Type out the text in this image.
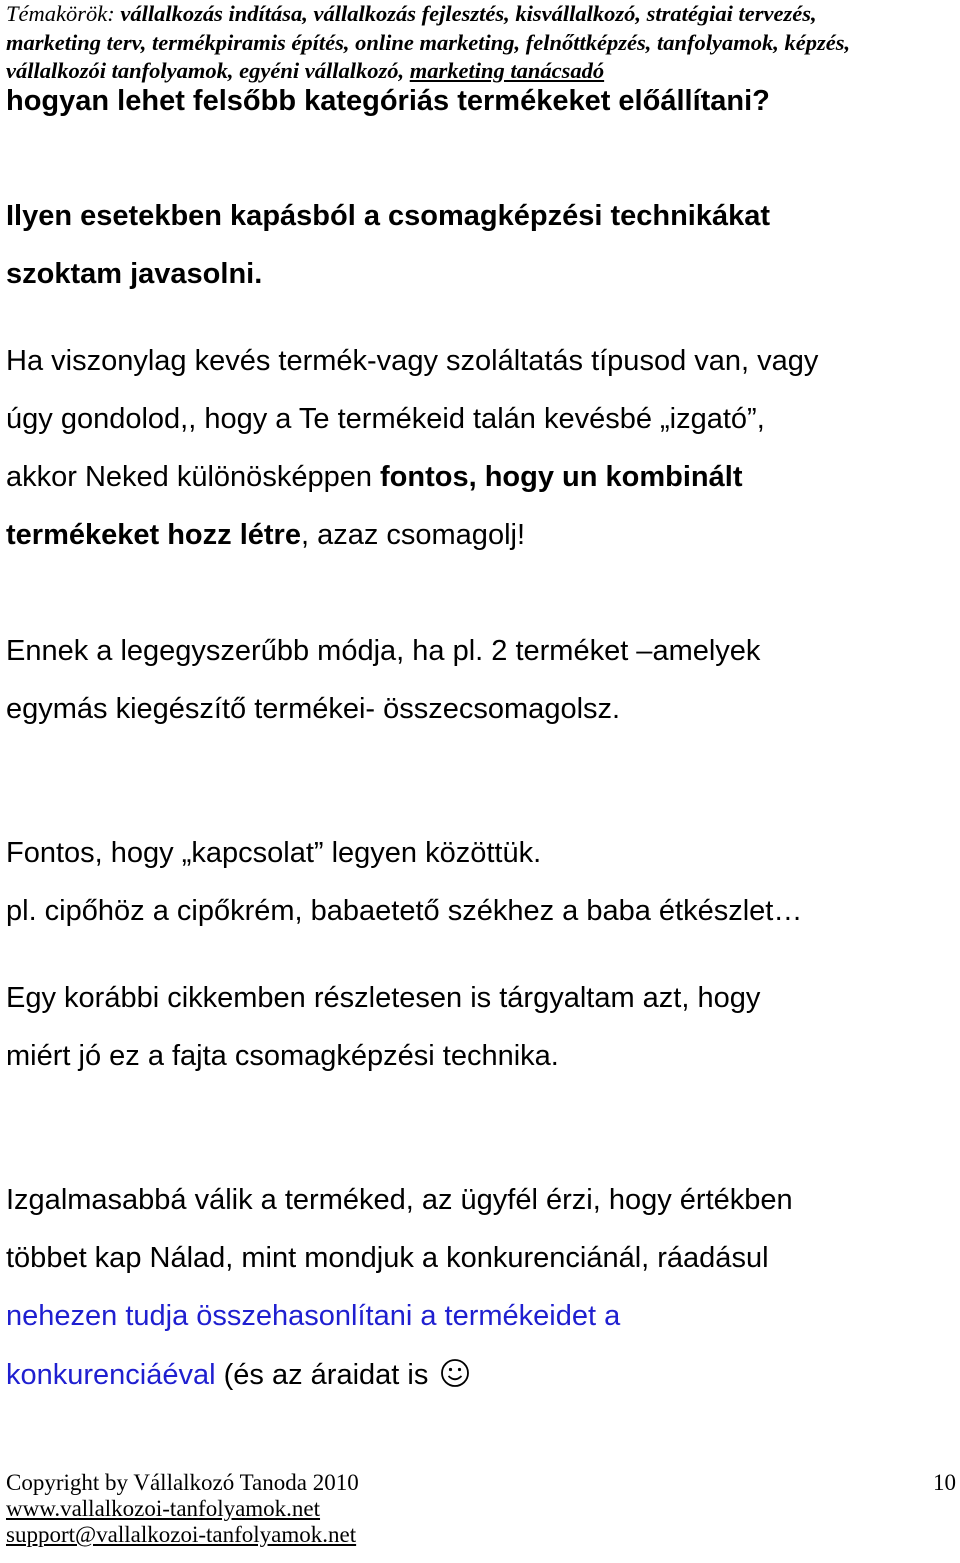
Témakörök: vállalkozás indítása, vállalkozás fejlesztés, kisvállalkozó, stratégiai tervezés,
marketing terv, termékpiramis építés, online marketing, felnőttképzés, tanfolyamok, képzés,
vállalkozói tanfolyamok, egyéni vállalkozó, marketing tanácsadó
hogyan lehet felsőbb kategóriás termékeket előállítani?
Ilyen esetekben kapásból a csomagképzési technikákat
szoktam javasolni.
Ha viszonylag kevés termék-vagy szoláltatás típusod van, vagy
úgy gondolod,, hogy a Te termékeid talán kevésbé „izgató”,
akkor Neked különösképpen fontos, hogy un kombinált
termékeket hozz létre, azaz csomagolj!
Ennek a legegyszerűbb módja, ha pl. 2 terméket –amelyek
egymás kiegészítő termékei- összecsomagolsz.
Fontos, hogy „kapcsolat” legyen közöttük.
pl. cipőhöz a cipőkrém, babaetető székhez a baba étkészlet…
Egy korábbi cikkemben részletesen is tárgyaltam azt, hogy
miért jó ez a fajta csomagképzési technika.
Izgalmasabbá válik a terméked, az ügyfél érzi, hogy értékben
többet kap Nálad, mint mondjuk a konkurenciánál, ráadásul
nehezen tudja összehasonlítani a termékeidet a
konkurenciáéval (és az áraidat is
Copyright by Vállalkozó Tanoda 2010	10
www.vallalkozoi-tanfolyamok.net
support@vallalkozoi-tanfolyamok.net
